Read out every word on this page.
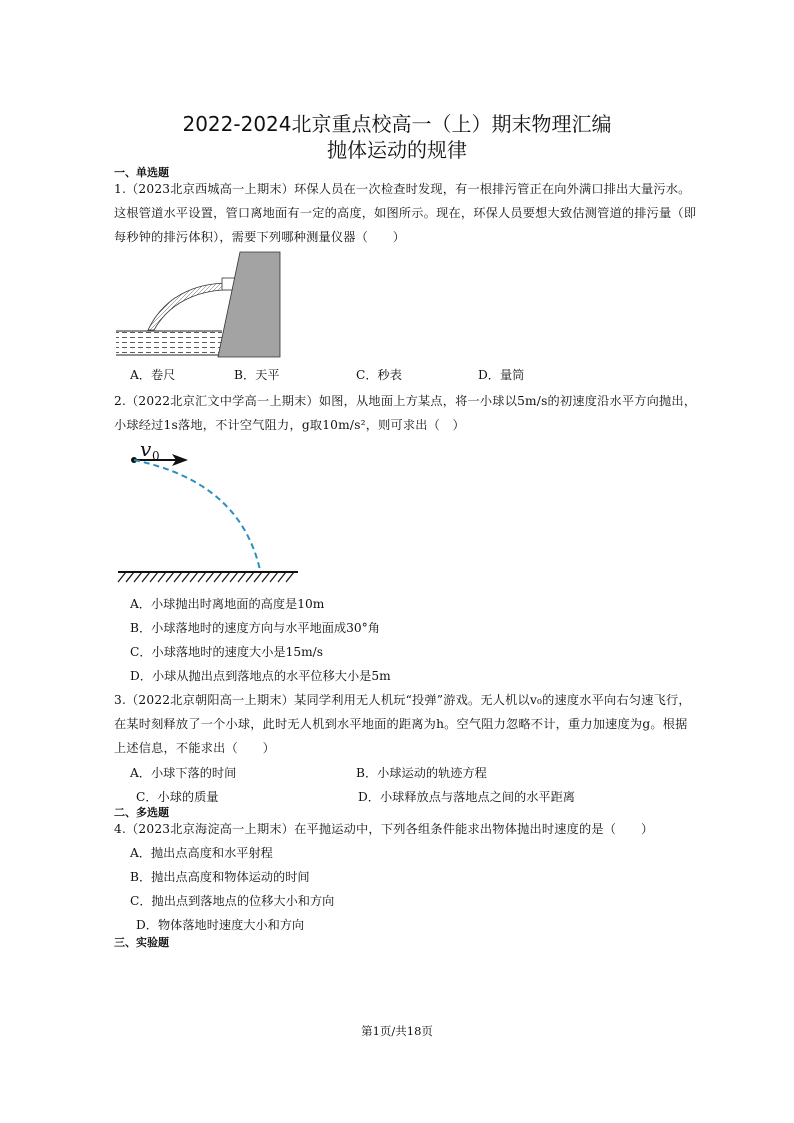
2022-2024北京重点校高一（上）期末物理汇编
抛体运动的规律
一、单选题
1.（2023北京西城高一上期末）环保人员在一次检查时发现，有一根排污管正在向外满口排出大量污水。
这根管道水平设置，管口离地面有一定的高度，如图所示。现在，环保人员要想大致估测管道的排污量（即
每秒钟的排污体积），需要下列哪种测量仪器（　　）
A．卷尺	B．天平	C．秒表	D．量筒
2.（2022北京汇文中学高一上期末）如图，从地面上方某点，将一小球以5m/s的初速度沿水平方向抛出，
小球经过1s落地，不计空气阻力，g取10m/s²，则可求出（　）
v 0
A．小球抛出时离地面的高度是10m
B．小球落地时的速度方向与水平地面成30°角
C．小球落地时的速度大小是15m/s
D．小球从抛出点到落地点的水平位移大小是5m
3.（2022北京朝阳高一上期末）某同学利用无人机玩“投弹”游戏。无人机以v₀的速度水平向右匀速飞行，
在某时刻释放了一个小球，此时无人机到水平地面的距离为h。空气阻力忽略不计，重力加速度为g。根据
上述信息，不能求出（　　）
A．小球下落的时间	B．小球运动的轨迹方程
C．小球的质量	D．小球释放点与落地点之间的水平距离
二、多选题
4.（2023北京海淀高一上期末）在平抛运动中，下列各组条件能求出物体抛出时速度的是（　　）
A．抛出点高度和水平射程
B．抛出点高度和物体运动的时间
C．抛出点到落地点的位移大小和方向
D．物体落地时速度大小和方向
三、实验题
第1页/共18页
